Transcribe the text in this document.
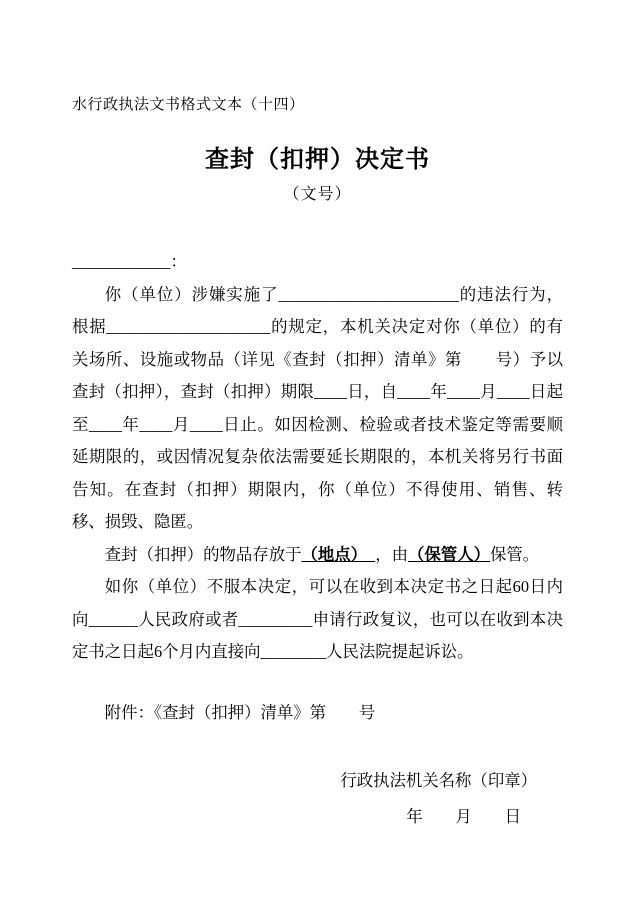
水行政执法文书格式文本（十四）
查封（扣押）决定书
（文号）
____________：

你（单位）涉嫌实施了______________________的违法行为，根据____________________的规定，本机关决定对你（单位）的有关场所、设施或物品（详见《查封（扣押）清单》第　　号）予以查封（扣押），查封（扣押）期限____日，自____年____月____日起至____年____月____日止。如因检测、检验或者技术鉴定等需要顺延期限的，或因情况复杂依法需要延长期限的，本机关将另行书面告知。在查封（扣押）期限内，你（单位）不得使用、销售、转移、损毁、隐匿。

查封（扣押）的物品存放于（地点）　，由（保管人）保管。

如你（单位）不服本决定，可以在收到本决定书之日起60日内向______人民政府或者_________申请行政复议，也可以在收到本决定书之日起6个月内直接向________人民法院提起诉讼。

附件：《查封（扣押）清单》第　　号

行政执法机关名称（印章）
年　　月　　日
